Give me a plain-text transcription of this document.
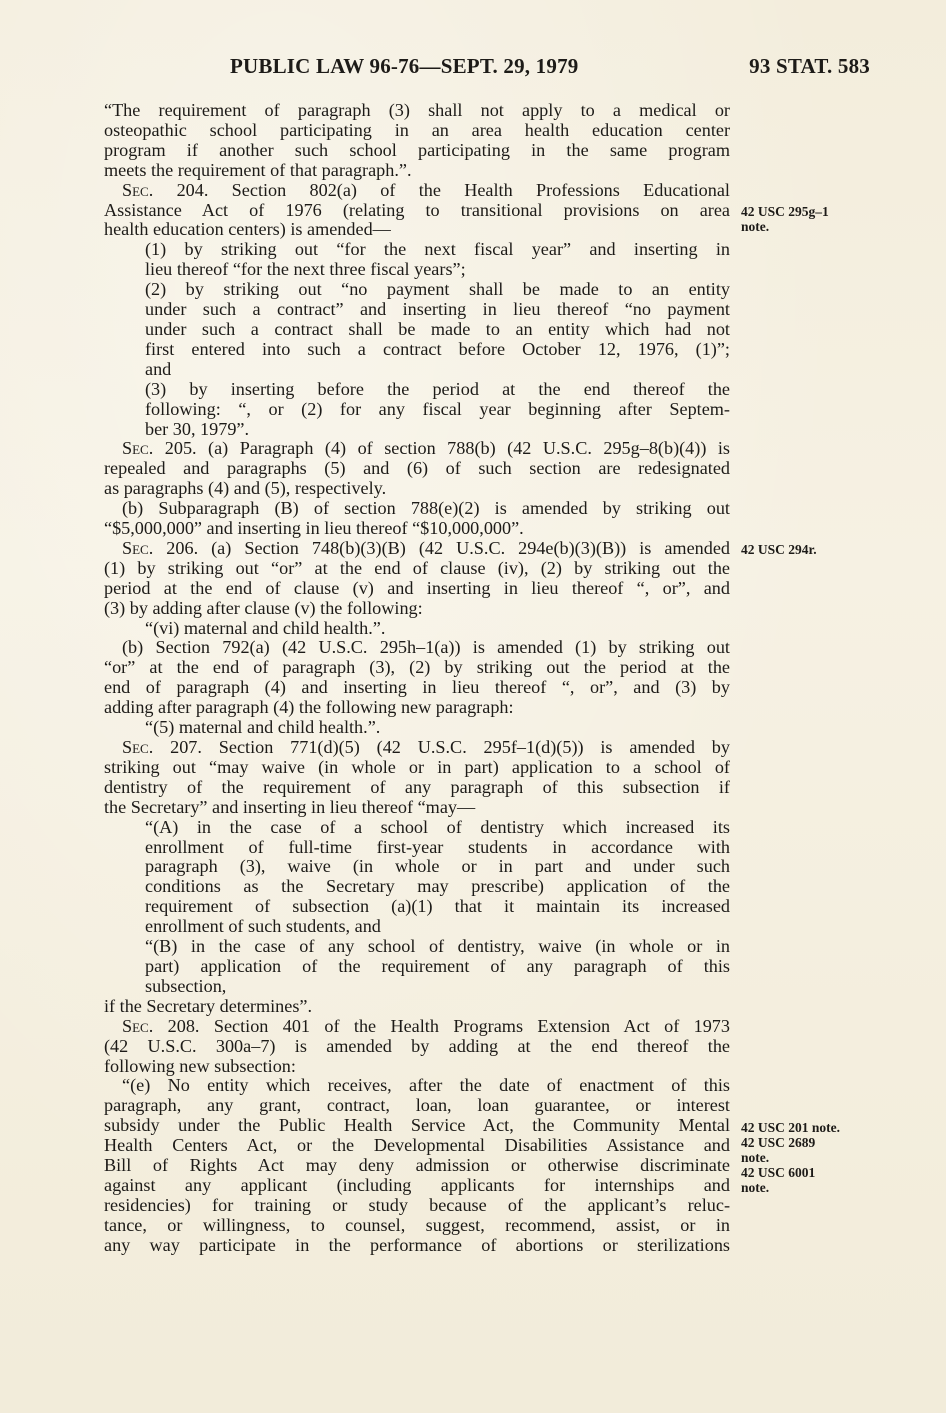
PUBLIC LAW 96-76—SEPT. 29, 1979	93 STAT. 583
“The requirement of paragraph (3) shall not apply to a medical or
osteopathic school participating in an area health education center
program if another such school participating in the same program
meets the requirement of that paragraph.”.
Sec. 204. Section 802(a) of the Health Professions Educational
Assistance Act of 1976 (relating to transitional provisions on area
health education centers) is amended—
(1) by striking out “for the next fiscal year” and inserting in
lieu thereof “for the next three fiscal years”;
(2) by striking out “no payment shall be made to an entity
under such a contract” and inserting in lieu thereof “no payment
under such a contract shall be made to an entity which had not
first entered into such a contract before October 12, 1976, (1)”;
and
(3) by inserting before the period at the end thereof the
following: “, or (2) for any fiscal year beginning after Septem-
ber 30, 1979”.
Sec. 205. (a) Paragraph (4) of section 788(b) (42 U.S.C. 295g–8(b)(4)) is
repealed and paragraphs (5) and (6) of such section are redesignated
as paragraphs (4) and (5), respectively.
(b) Subparagraph (B) of section 788(e)(2) is amended by striking out
“$5,000,000” and inserting in lieu thereof “$10,000,000”.
Sec. 206. (a) Section 748(b)(3)(B) (42 U.S.C. 294e(b)(3)(B)) is amended
(1) by striking out “or” at the end of clause (iv), (2) by striking out the
period at the end of clause (v) and inserting in lieu thereof “, or”, and
(3) by adding after clause (v) the following:
“(vi) maternal and child health.”.
(b) Section 792(a) (42 U.S.C. 295h–1(a)) is amended (1) by striking out
“or” at the end of paragraph (3), (2) by striking out the period at the
end of paragraph (4) and inserting in lieu thereof “, or”, and (3) by
adding after paragraph (4) the following new paragraph:
“(5) maternal and child health.”.
Sec. 207. Section 771(d)(5) (42 U.S.C. 295f–1(d)(5)) is amended by
striking out “may waive (in whole or in part) application to a school of
dentistry of the requirement of any paragraph of this subsection if
the Secretary” and inserting in lieu thereof “may—
“(A) in the case of a school of dentistry which increased its
enrollment of full-time first-year students in accordance with
paragraph (3), waive (in whole or in part and under such
conditions as the Secretary may prescribe) application of the
requirement of subsection (a)(1) that it maintain its increased
enrollment of such students, and
“(B) in the case of any school of dentistry, waive (in whole or in
part) application of the requirement of any paragraph of this
subsection,
if the Secretary determines”.
Sec. 208. Section 401 of the Health Programs Extension Act of 1973
(42 U.S.C. 300a–7) is amended by adding at the end thereof the
following new subsection:
“(e) No entity which receives, after the date of enactment of this
paragraph, any grant, contract, loan, loan guarantee, or interest
subsidy under the Public Health Service Act, the Community Mental
Health Centers Act, or the Developmental Disabilities Assistance and
Bill of Rights Act may deny admission or otherwise discriminate
against any applicant (including applicants for internships and
residencies) for training or study because of the applicant’s reluc-
tance, or willingness, to counsel, suggest, recommend, assist, or in
any way participate in the performance of abortions or sterilizations
42 USC 295g–1
note.
42 USC 294r.
42 USC 201 note.
42 USC 2689
note.
42 USC 6001
note.
